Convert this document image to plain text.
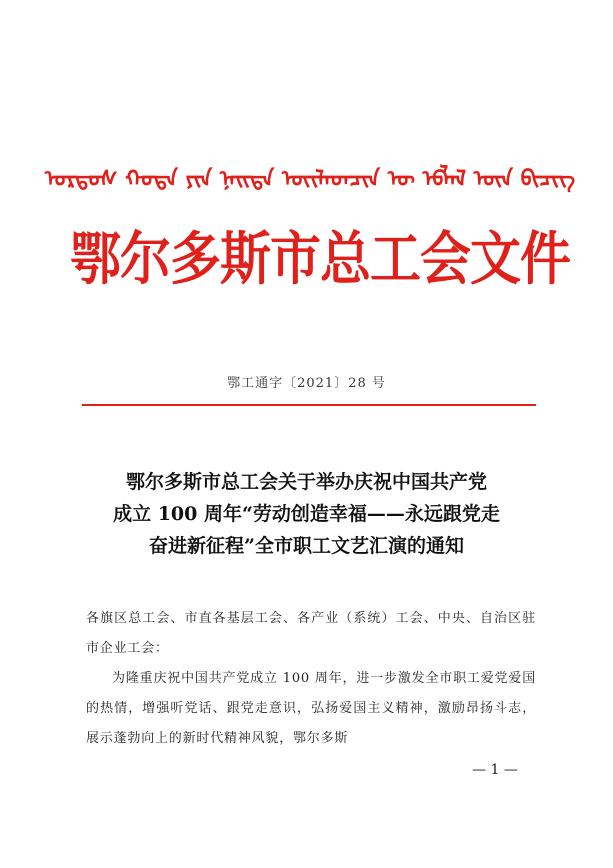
ᠣᠷᠳᠣᠰ ᠬᠣᠲᠠ ᠶᠢᠨ ᠨᠡᠢᠲᠡ ᠦᠢᠯᠡᠳᠴᠢᠨ ᠦ ᠡᠪᠯᠡᠯ ᠦᠨ ᠪᠢᠴᠢᠭ
鄂尔多斯市总工会文件
鄂工通字〔2021〕28 号
鄂尔多斯市总工会关于举办庆祝中国共产党
成立 100 周年“劳动创造幸福——永远跟党走
奋进新征程”全市职工文艺汇演的通知

各旗区总工会、市直各基层工会、各产业（系统）工会、中央、自治区驻市企业工会：

为隆重庆祝中国共产党成立 100 周年，进一步激发全市职工爱党爱国的热情，增强听党话、跟党走意识，弘扬爱国主义精神，激励昂扬斗志，展示蓬勃向上的新时代精神风貌，鄂尔多斯

— 1 —
